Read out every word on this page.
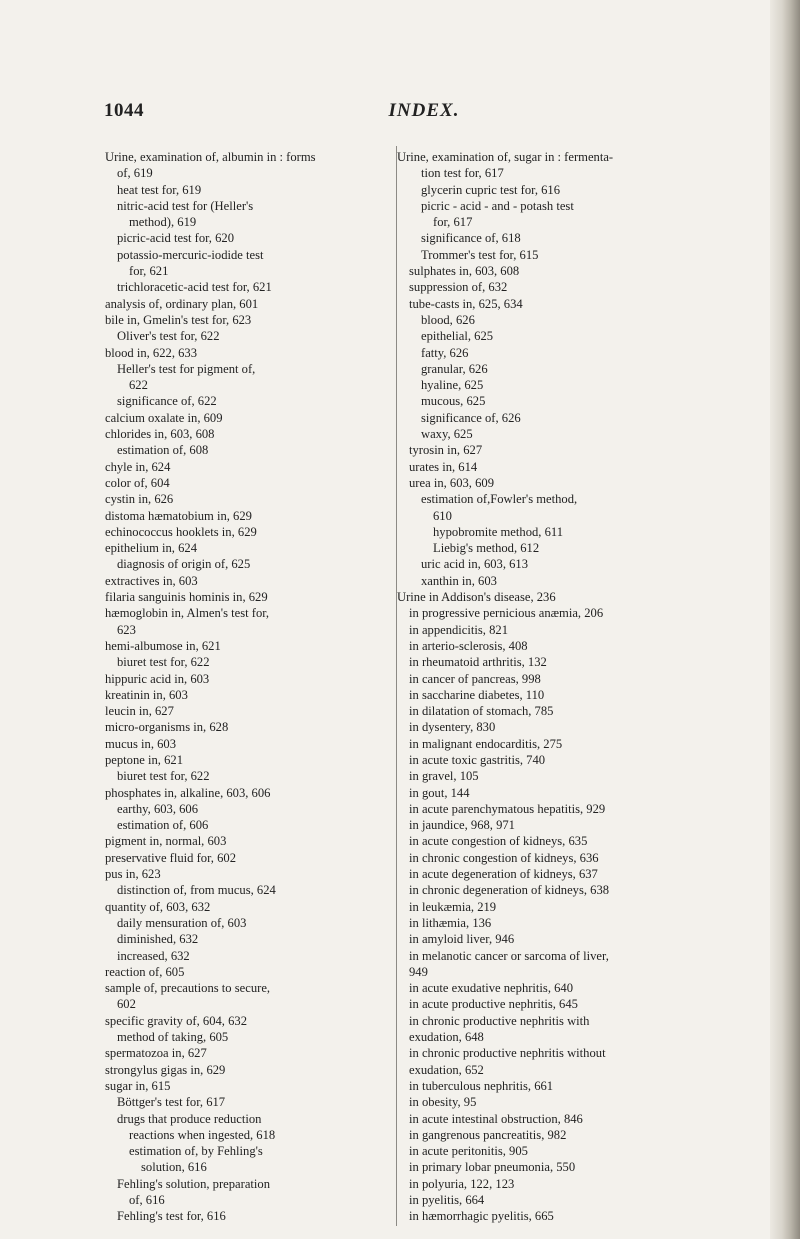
1044	INDEX.
Urine, examination of, albumin in : forms
of, 619
heat test for, 619
nitric-acid test for (Heller's
method), 619
picric-acid test for, 620
potassio-mercuric-iodide test
for, 621
trichloracetic-acid test for, 621
analysis of, ordinary plan, 601
bile in, Gmelin's test for, 623
Oliver's test for, 622
blood in, 622, 633
Heller's test for pigment of,
622
significance of, 622
calcium oxalate in, 609
chlorides in, 603, 608
estimation of, 608
chyle in, 624
color of, 604
cystin in, 626
distoma hæmatobium in, 629
echinococcus hooklets in, 629
epithelium in, 624
diagnosis of origin of, 625
extractives in, 603
filaria sanguinis hominis in, 629
hæmoglobin in, Almen's test for,
623
hemi-albumose in, 621
biuret test for, 622
hippuric acid in, 603
kreatinin in, 603
leucin in, 627
micro-organisms in, 628
mucus in, 603
peptone in, 621
biuret test for, 622
phosphates in, alkaline, 603, 606
earthy, 603, 606
estimation of, 606
pigment in, normal, 603
preservative fluid for, 602
pus in, 623
distinction of, from mucus, 624
quantity of, 603, 632
daily mensuration of, 603
diminished, 632
increased, 632
reaction of, 605
sample of, precautions to secure,
602
specific gravity of, 604, 632
method of taking, 605
spermatozoa in, 627
strongylus gigas in, 629
sugar in, 615
Böttger's test for, 617
drugs that produce reduction
reactions when ingested, 618
estimation of, by Fehling's
solution, 616
Fehling's solution, preparation
of, 616
Fehling's test for, 616
Urine, examination of, sugar in : fermenta-
tion test for, 617
glycerin cupric test for, 616
picric - acid - and - potash test
for, 617
significance of, 618
Trommer's test for, 615
sulphates in, 603, 608
suppression of, 632
tube-casts in, 625, 634
blood, 626
epithelial, 625
fatty, 626
granular, 626
hyaline, 625
mucous, 625
significance of, 626
waxy, 625
tyrosin in, 627
urates in, 614
urea in, 603, 609
estimation of,Fowler's method,
610
hypobromite method, 611
Liebig's method, 612
uric acid in, 603, 613
xanthin in, 603
Urine in Addison's disease, 236
in progressive pernicious anæmia, 206
in appendicitis, 821
in arterio-sclerosis, 408
in rheumatoid arthritis, 132
in cancer of pancreas, 998
in saccharine diabetes, 110
in dilatation of stomach, 785
in dysentery, 830
in malignant endocarditis, 275
in acute toxic gastritis, 740
in gravel, 105
in gout, 144
in acute parenchymatous hepatitis, 929
in jaundice, 968, 971
in acute congestion of kidneys, 635
in chronic congestion of kidneys, 636
in acute degeneration of kidneys, 637
in chronic degeneration of kidneys, 638
in leukæmia, 219
in lithæmia, 136
in amyloid liver, 946
in melanotic cancer or sarcoma of liver,
949
in acute exudative nephritis, 640
in acute productive nephritis, 645
in chronic productive nephritis with
exudation, 648
in chronic productive nephritis without
exudation, 652
in tuberculous nephritis, 661
in obesity, 95
in acute intestinal obstruction, 846
in gangrenous pancreatitis, 982
in acute peritonitis, 905
in primary lobar pneumonia, 550
in polyuria, 122, 123
in pyelitis, 664
in hæmorrhagic pyelitis, 665
